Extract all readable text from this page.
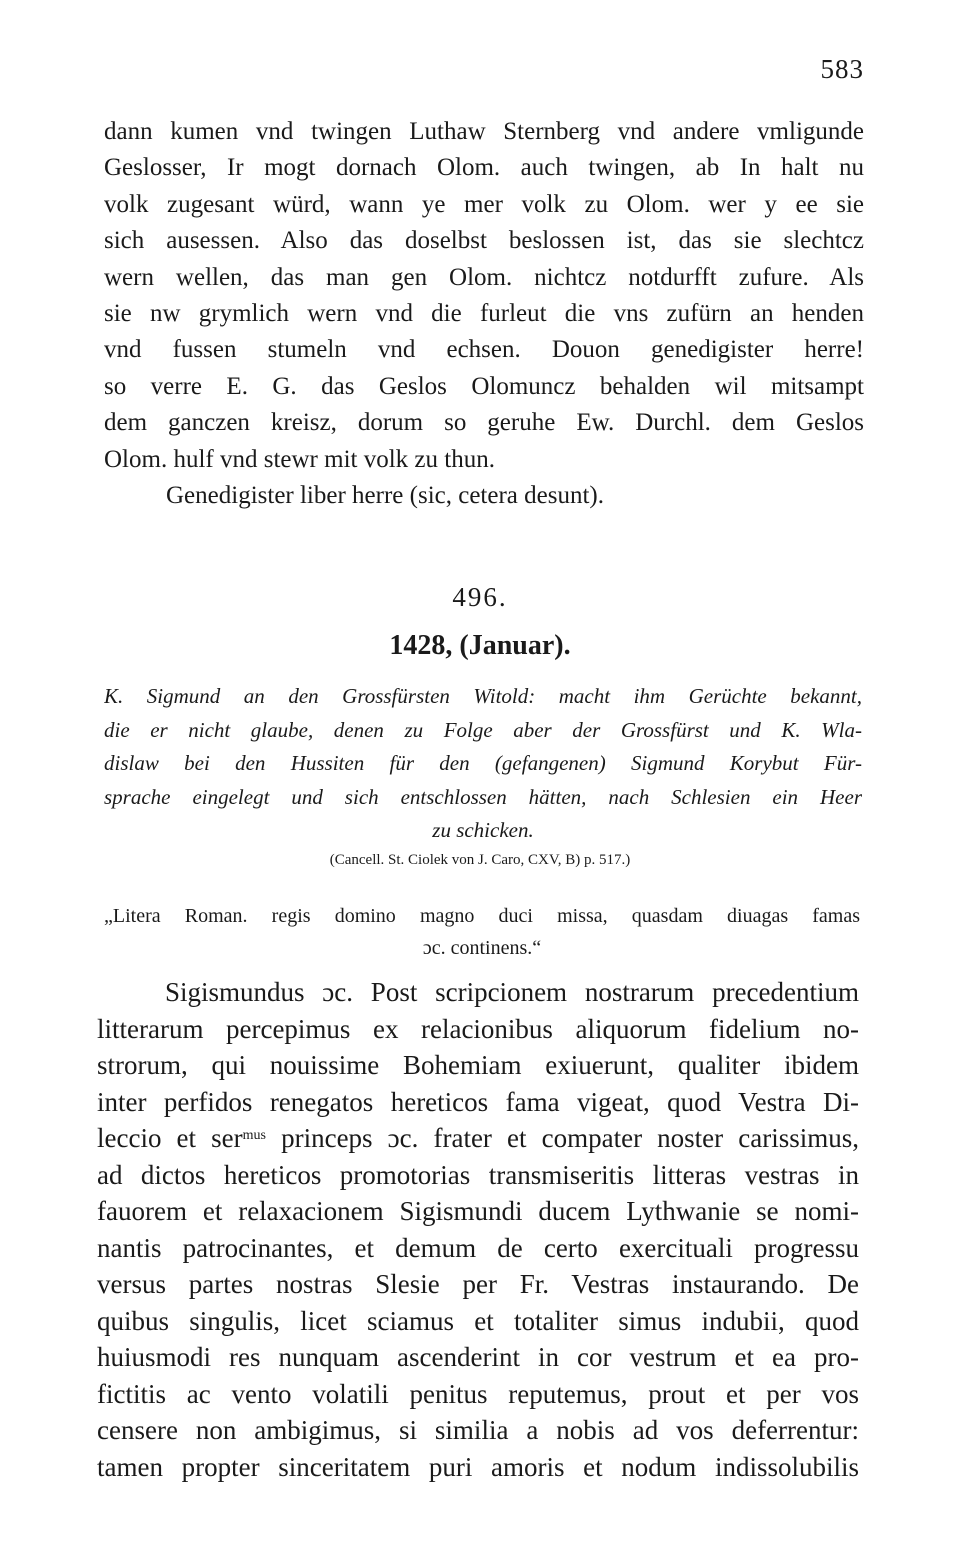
583
dann kumen vnd twingen Luthaw Sternberg vnd andere vmligunde
Geslosser, Ir mogt dornach Olom. auch twingen, ab In halt nu
volk zugesant würd, wann ye mer volk zu Olom. wer y ee sie
sich ausessen. Also das doselbst beslossen ist, das sie slechtcz
wern wellen, das man gen Olom. nichtcz notdurfft zufure. Als
sie nw grymlich wern vnd die furleut die vns zufürn an henden
vnd fussen stumeln vnd echsen. Douon genedigister herre!
so verre E. G. das Geslos Olomuncz behalden wil mitsampt
dem ganczen kreisz, dorum so geruhe Ew. Durchl. dem Geslos
Olom. hulf vnd stewr mit volk zu thun.
Genedigister liber herre (sic, cetera desunt).
496.
1428, (Januar).
K. Sigmund an den Grossfürsten Witold: macht ihm Gerüchte bekannt,
die er nicht glaube, denen zu Folge aber der Grossfürst und K. Wla-
dislaw bei den Hussiten für den (gefangenen) Sigmund Korybut Für-
sprache eingelegt und sich entschlossen hätten, nach Schlesien ein Heer
zu schicken.
(Cancell. St. Ciolek von J. Caro, CXV, B) p. 517.)
„Litera Roman. regis domino magno duci missa, quasdam diuagas famas
ɔc. continens.“
Sigismundus ɔc. Post scripcionem nostrarum precedentium
litterarum percepimus ex relacionibus aliquorum fidelium no-
strorum, qui nouissime Bohemiam exiuerunt, qualiter ibidem
inter perfidos renegatos hereticos fama vigeat, quod Vestra Di-
leccio et ser$^{mus}$ princeps ɔc. frater et compater noster carissimus,
ad dictos hereticos promotorias transmiseritis litteras vestras in
fauorem et relaxacionem Sigismundi ducem Lythwanie se nomi-
nantis patrocinantes, et demum de certo exercituali progressu
versus partes nostras Slesie per Fr. Vestras instaurando. De
quibus singulis, licet sciamus et totaliter simus indubii, quod
huiusmodi res nunquam ascenderint in cor vestrum et ea pro-
fictitis ac vento volatili penitus reputemus, prout et per vos
censere non ambigimus, si similia a nobis ad vos deferrentur:
tamen propter sinceritatem puri amoris et nodum indissolubilis
